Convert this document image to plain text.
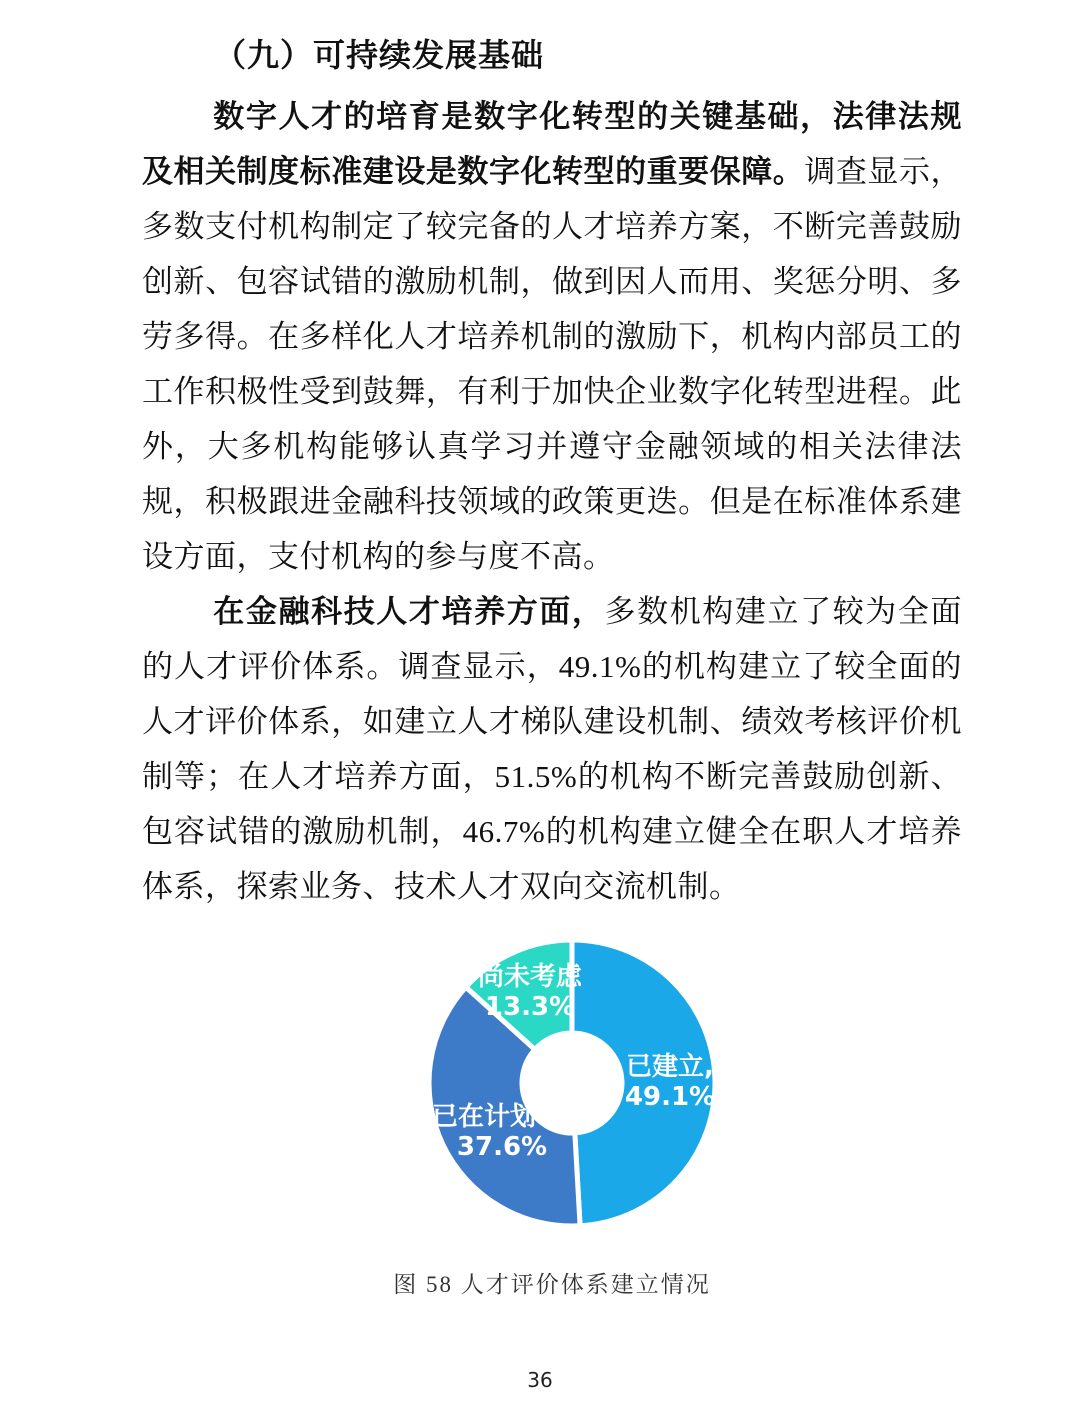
（九）可持续发展基础

数字人才的培育是数字化转型的关键基础，法律法规及相关制度标准建设是数字化转型的重要保障。调查显示，多数支付机构制定了较完备的人才培养方案，不断完善鼓励创新、包容试错的激励机制，做到因人而用、奖惩分明、多劳多得。在多样化人才培养机制的激励下，机构内部员工的工作积极性受到鼓舞，有利于加快企业数字化转型进程。此外，大多机构能够认真学习并遵守金融领域的相关法律法规，积极跟进金融科技领域的政策更迭。但是在标准体系建设方面，支付机构的参与度不高。

在金融科技人才培养方面，多数机构建立了较为全面的人才评价体系。调查显示，49.1%的机构建立了较全面的人才评价体系，如建立人才梯队建设机制、绩效考核评价机制等；在人才培养方面，51.5%的机构不断完善鼓励创新、包容试错的激励机制，46.7%的机构建立健全在职人才培养体系，探索业务、技术人才双向交流机制。

已建立,
49.1%
已在计划中,
37.6%
尚未考虑
13.3%
图 58 人才评价体系建立情况
36
